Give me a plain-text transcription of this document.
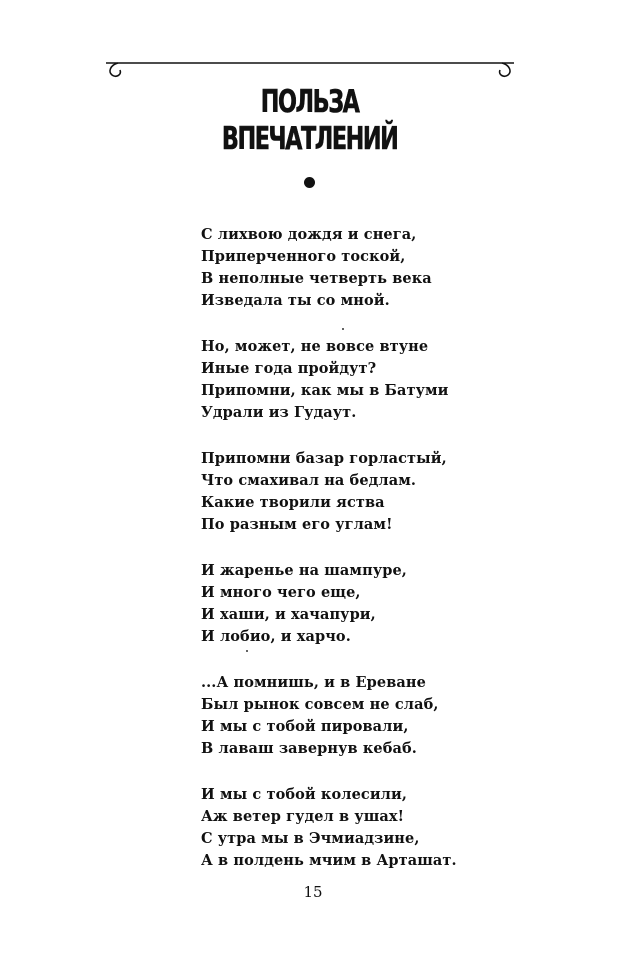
ПОЛЬЗА
ВПЕЧАТЛЕНИЙ
С лихвою дождя и снега,
Приперченного тоской,
В неполные четверть века
Изведала ты со мной.
Но, может, не вовсе втуне
Иные года пройдут?
Припомни, как мы в Батуми
Удрали из Гудаут.
Припомни базар горластый,
Что смахивал на бедлам.
Какие творили яства
По разным его углам!
И жаренье на шампуре,
И много чего еще,
И хаши, и хачапури,
И лобио, и харчо.
...А помнишь, и в Ереване
Был рынок совсем не слаб,
И мы с тобой пировали,
В лаваш завернув кебаб.
И мы с тобой колесили,
Аж ветер гудел в ушах!
С утра мы в Эчмиадзине,
А в полдень мчим в Арташат.
15
